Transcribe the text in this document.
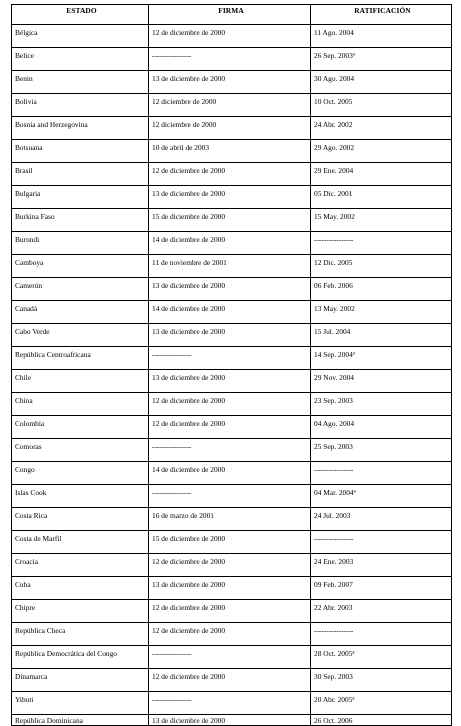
ESTADO	FIRMA	RATIFICACIÓN
Bélgica	12 de diciembre de 2000	11 Ago. 2004
Belice	----------------	26 Sep. 2003ª
Benin	13 de diciembre de 2000	30 Ago. 2004
Bolivia	12 diciembre de 2000	10 Oct. 2005
Bosnia and Herzegovina	12 diciembre de 2000	24 Abr. 2002
Botsuana	10 de abril de 2003	29 Ago. 2002
Brasil	12 de diciembre de 2000	29 Ene. 2004
Bulgaria	13 de diciembre de 2000	05 Dic. 2001
Burkina Faso	15 de diciembre de 2000	15 May. 2002
Burundi	14 de diciembre de 2000	----------------
Camboya	11 de noviembre de 2001	12 Dic. 2005
Camerún	13 de diciembre de 2000	06 Feb. 2006
Canadá	14 de diciembre de 2000	13 May. 2002
Cabo Verde	13 de diciembre de 2000	15 Jul. 2004
República Centroafricana	----------------	14 Sep. 2004ª
Chile	13 de diciembre de 2000	29 Nov. 2004
China	12 de diciembre de 2000	23 Sep. 2003
Colombia	12 de diciembre de 2000	04 Ago. 2004
Comoras	----------------	25 Sep. 2003
Congo	14 de diciembre de 2000	----------------
Islas Cook	----------------	04 Mar. 2004ª
Costa Rica	16 de marzo de 2001	24 Jul. 2003
Costa de Marfil	15 de diciembre de 2000	----------------
Croacia	12 de diciembre de 2000	24 Ene. 2003
Cuba	13 de diciembre de 2000	09 Feb. 2007
Chipre	12 de diciembre de 2000	22 Abr. 2003
República Checa	12 de diciembre de 2000	----------------
República Democrática del Congo	----------------	28 Oct. 2005ª
Dinamarca	12 de diciembre de 2000	30 Sep. 2003
Yibuti	----------------	20 Abr. 2005ª
República Dominicana	13 de diciembre de 2000	26 Oct. 2006
